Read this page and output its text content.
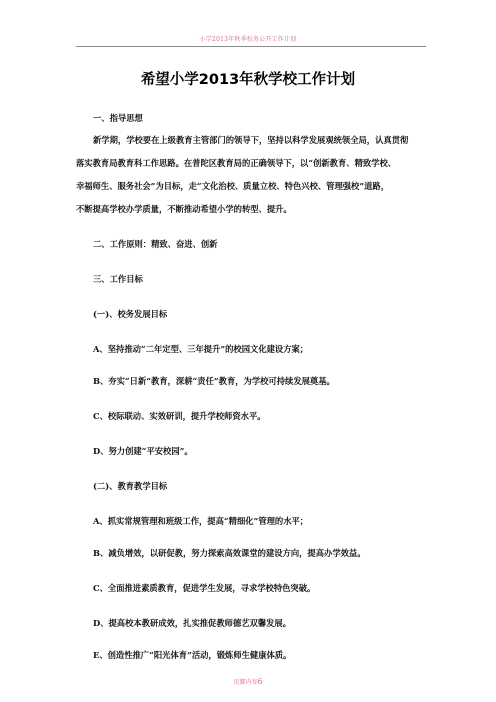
小学2013年秋季校务公开工作计划
希望小学2013年秋学校工作计划
一、指导思想
新学期，学校要在上级教育主管部门的领导下，坚持以科学发展观统领全局，认真贯彻
落实教育局教育科工作思路。在普陀区教育局的正确领导下，以“创新教育、精致学校、
幸福师生、服务社会”为目标，走“文化治校、质量立校、特色兴校、管理强校”道路，
不断提高学校办学质量，不断推动希望小学的转型、提升。
二、工作原则：精致、奋进、创新
三、工作目标
(一)、校务发展目标
A、坚持推动“二年定型、三年提升”的校园文化建设方案；
B、夯实“日新”教育，深耕“责任”教育，为学校可持续发展奠基。
C、校际联动、实效研训，提升学校师资水平。
D、努力创建“平安校园”。
(二)、教育教学目标
A、抓实常规管理和班级工作，提高“精细化”管理的水平；
B、减负增效，以研促教，努力探索高效课堂的建设方向，提高办学效益。
C、全面推进素质教育，促进学生发展，寻求学校特色突破。
D、提高校本教研成效，扎实推促教师德艺双馨发展。
E、创造性推广“阳光体育”活动，锻炼师生健康体质。
页脚内容6
